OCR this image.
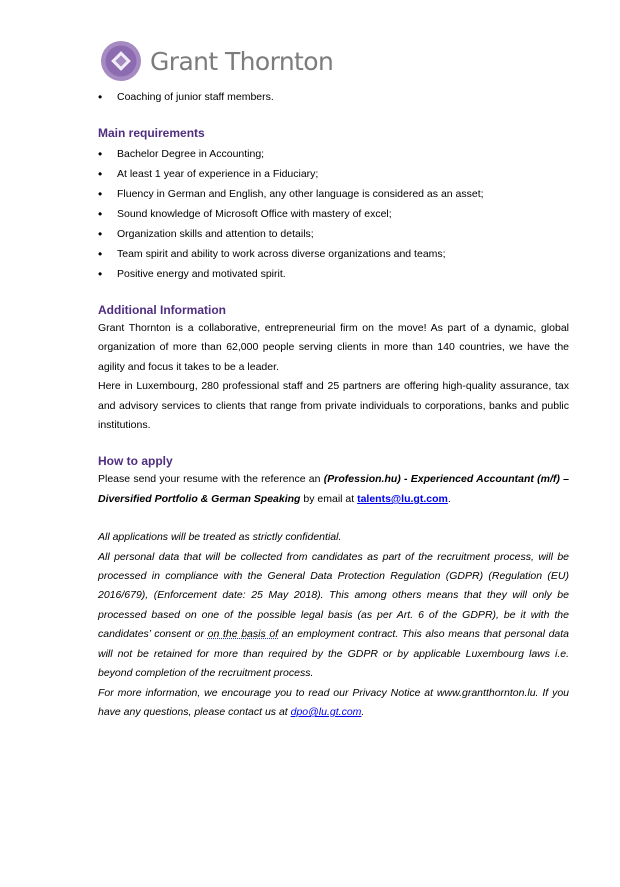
Grant Thornton
• Coaching of junior staff members.
Main requirements
• Bachelor Degree in Accounting;
• At least 1 year of experience in a Fiduciary;
• Fluency in German and English, any other language is considered as an asset;
• Sound knowledge of Microsoft Office with mastery of excel;
• Organization skills and attention to details;
• Team spirit and ability to work across diverse organizations and teams;
• Positive energy and motivated spirit.
Additional Information

Grant Thornton is a collaborative, entrepreneurial firm on the move! As part of a dynamic, global organization of more than 62,000 people serving clients in more than 140 countries, we have the agility and focus it takes to be a leader.

Here in Luxembourg, 280 professional staff and 25 partners are offering high-quality assurance, tax and advisory services to clients that range from private individuals to corporations, banks and public institutions.

How to apply

Please send your resume with the reference an (Profession.hu) - Experienced Accountant (m/f) – Diversified Portfolio & German Speaking by email at talents@lu.gt.com.

All applications will be treated as strictly confidential.

All personal data that will be collected from candidates as part of the recruitment process, will be processed in compliance with the General Data Protection Regulation (GDPR) (Regulation (EU) 2016/679), (Enforcement date: 25 May 2018). This among others means that they will only be processed based on one of the possible legal basis (as per Art. 6 of the GDPR), be it with the candidates’ consent or on the basis of an employment contract. This also means that personal data will not be retained for more than required by the GDPR or by applicable Luxembourg laws i.e. beyond completion of the recruitment process.

For more information, we encourage you to read our Privacy Notice at www.grantthornton.lu. If you have any questions, please contact us at dpo@lu.gt.com.
